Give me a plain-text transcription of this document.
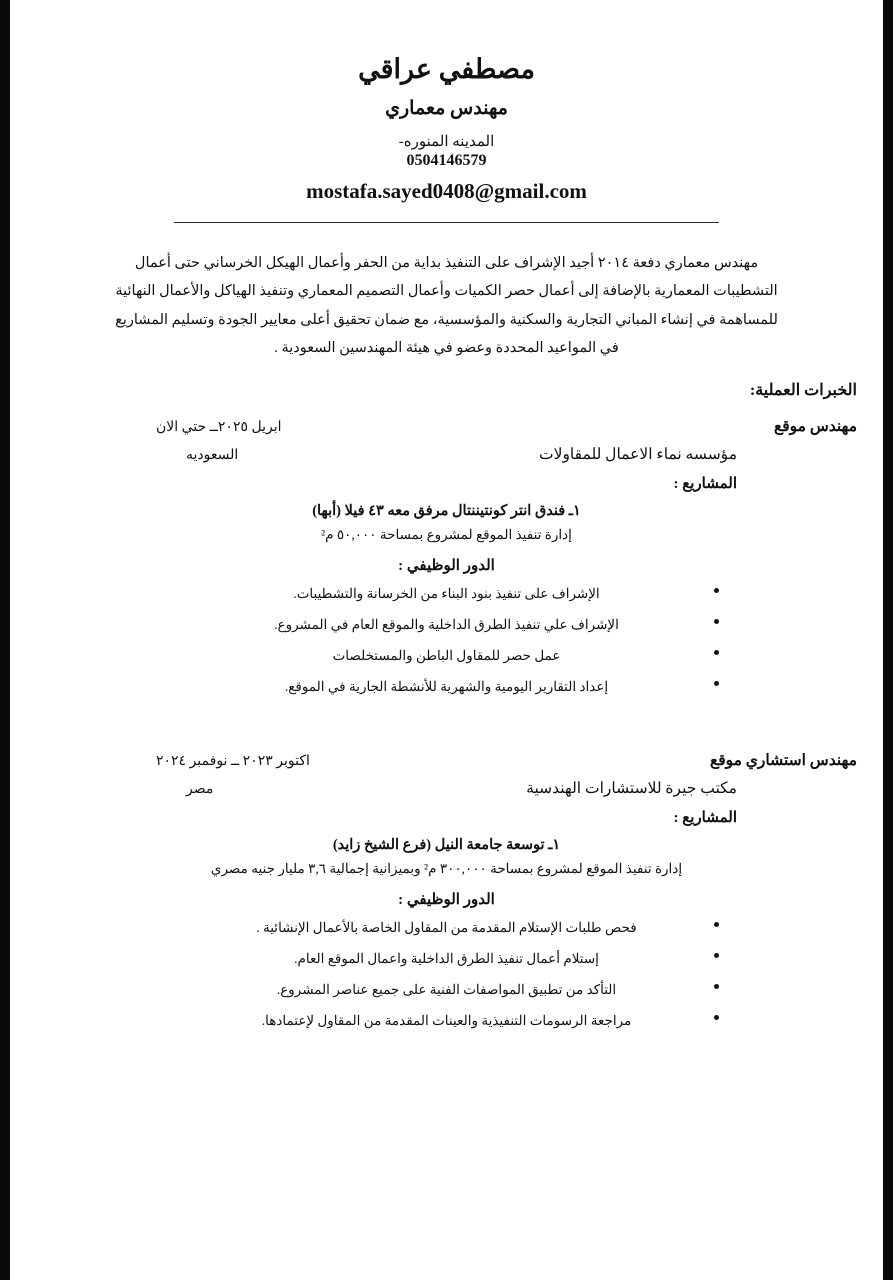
مصطفي عراقي
مهندس معماري
المدينه المنوره-
0504146579
mostafa.sayed0408@gmail.com
مهندس معماري دفعة ٢٠١٤ أجيد الإشراف على التنفيذ بداية من الحفر وأعمال الهيكل الخرساني حتى أعمال التشطيبات المعمارية بالإضافة إلى أعمال حصر الكميات وأعمال التصميم المعماري وتنفيذ الهياكل والأعمال النهائية للمساهمة في إنشاء المباني التجارية والسكنية والمؤسسية، مع ضمان تحقيق أعلى معايير الجودة وتسليم المشاريع في المواعيد المحددة وعضو في هيئة المهندسين السعودية .
الخبرات العملية:
مهندس موقع
ابريل ٢٠٢٥ــ حتي الان
مؤسسه نماء الاعمال للمقاولات
السعوديه
المشاريع :
١ـ فندق انتر كونتيننتال مرفق معه ٤٣ فيلا (أبها)
إدارة تنفيذ الموقع لمشروع بمساحة ٥٠,٠٠٠ م²
الدور الوظيفي :
الإشراف على تنفيذ بنود البناء من الخرسانة والتشطيبات.
الإشراف علي تنفيذ الطرق الداخلية والموقع العام في المشروع.
عمل حصر للمقاول الباطن والمستخلصات
إعداد التقارير اليومية والشهرية للأنشطة الجارية في الموقع.
مهندس استشاري موقع
اكتوبر ٢٠٢٣ ــ نوفمبر ٢٠٢٤
مكتب جيرة للاستشارات الهندسية
مصر
المشاريع :
١ـ توسعة جامعة النيل (فرع الشيخ زايد)
إدارة تنفيذ الموقع لمشروع بمساحة ٣٠٠,٠٠٠ م² وبميزانية إجمالية ٣,٦ مليار جنيه مصري
الدور الوظيفي :
فحص طلبات الإستلام المقدمة من المقاول الخاصة بالأعمال الإنشائية .
إستلام أعمال تنفيذ الطرق الداخلية واعمال الموقع العام.
التأكد من تطبيق المواصفات الفنية على جميع عناصر المشروع.
مراجعة الرسومات التنفيذية والعينات المقدمة من المقاول لإعتمادها.
